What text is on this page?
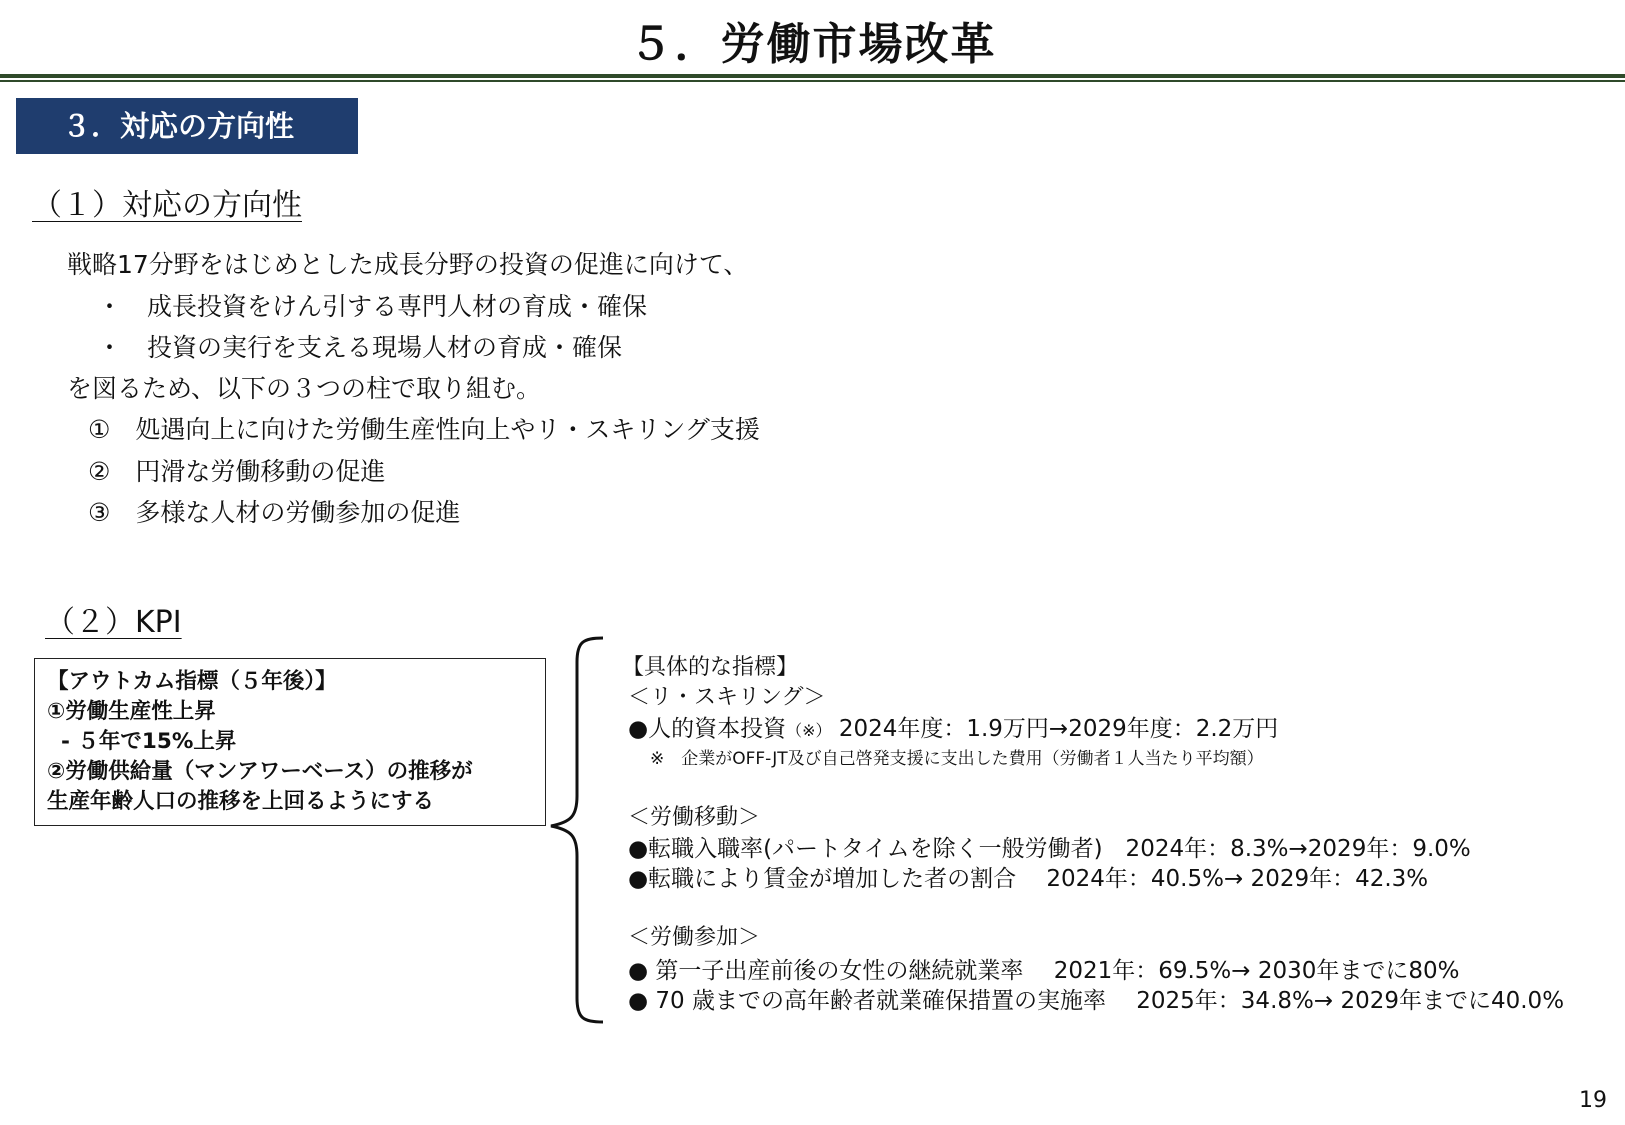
５．労働市場改革
３．対応の方向性
（１）対応の方向性
戦略17分野をはじめとした成長分野の投資の促進に向けて、
・　成長投資をけん引する専門人材の育成・確保
・　投資の実行を支える現場人材の育成・確保
を図るため、以下の３つの柱で取り組む。
①　処遇向上に向けた労働生産性向上やリ・スキリング支援
②　円滑な労働移動の促進
③　多様な人材の労働参加の促進
（２）KPI
【アウトカム指標（５年後）】
①労働生産性上昇
- ５年で15%上昇
②労働供給量（マンアワーベース）の推移が
生産年齢人口の推移を上回るようにする
【具体的な指標】
＜リ・スキリング＞
●人的資本投資（※） 2024年度：1.9万円→2029年度：2.2万円
※　企業がOFF-JT及び自己啓発支援に支出した費用（労働者１人当たり平均額）
＜労働移動＞
●転職入職率(パートタイムを除く一般労働者)　2024年：8.3%→2029年：9.0%
●転職により賃金が増加した者の割合　 2024年：40.5%→ 2029年：42.3%
＜労働参加＞
● 第一子出産前後の女性の継続就業率　 2021年：69.5%→ 2030年までに80%
● 70 歳までの高年齢者就業確保措置の実施率　 2025年：34.8%→ 2029年までに40.0%
19
